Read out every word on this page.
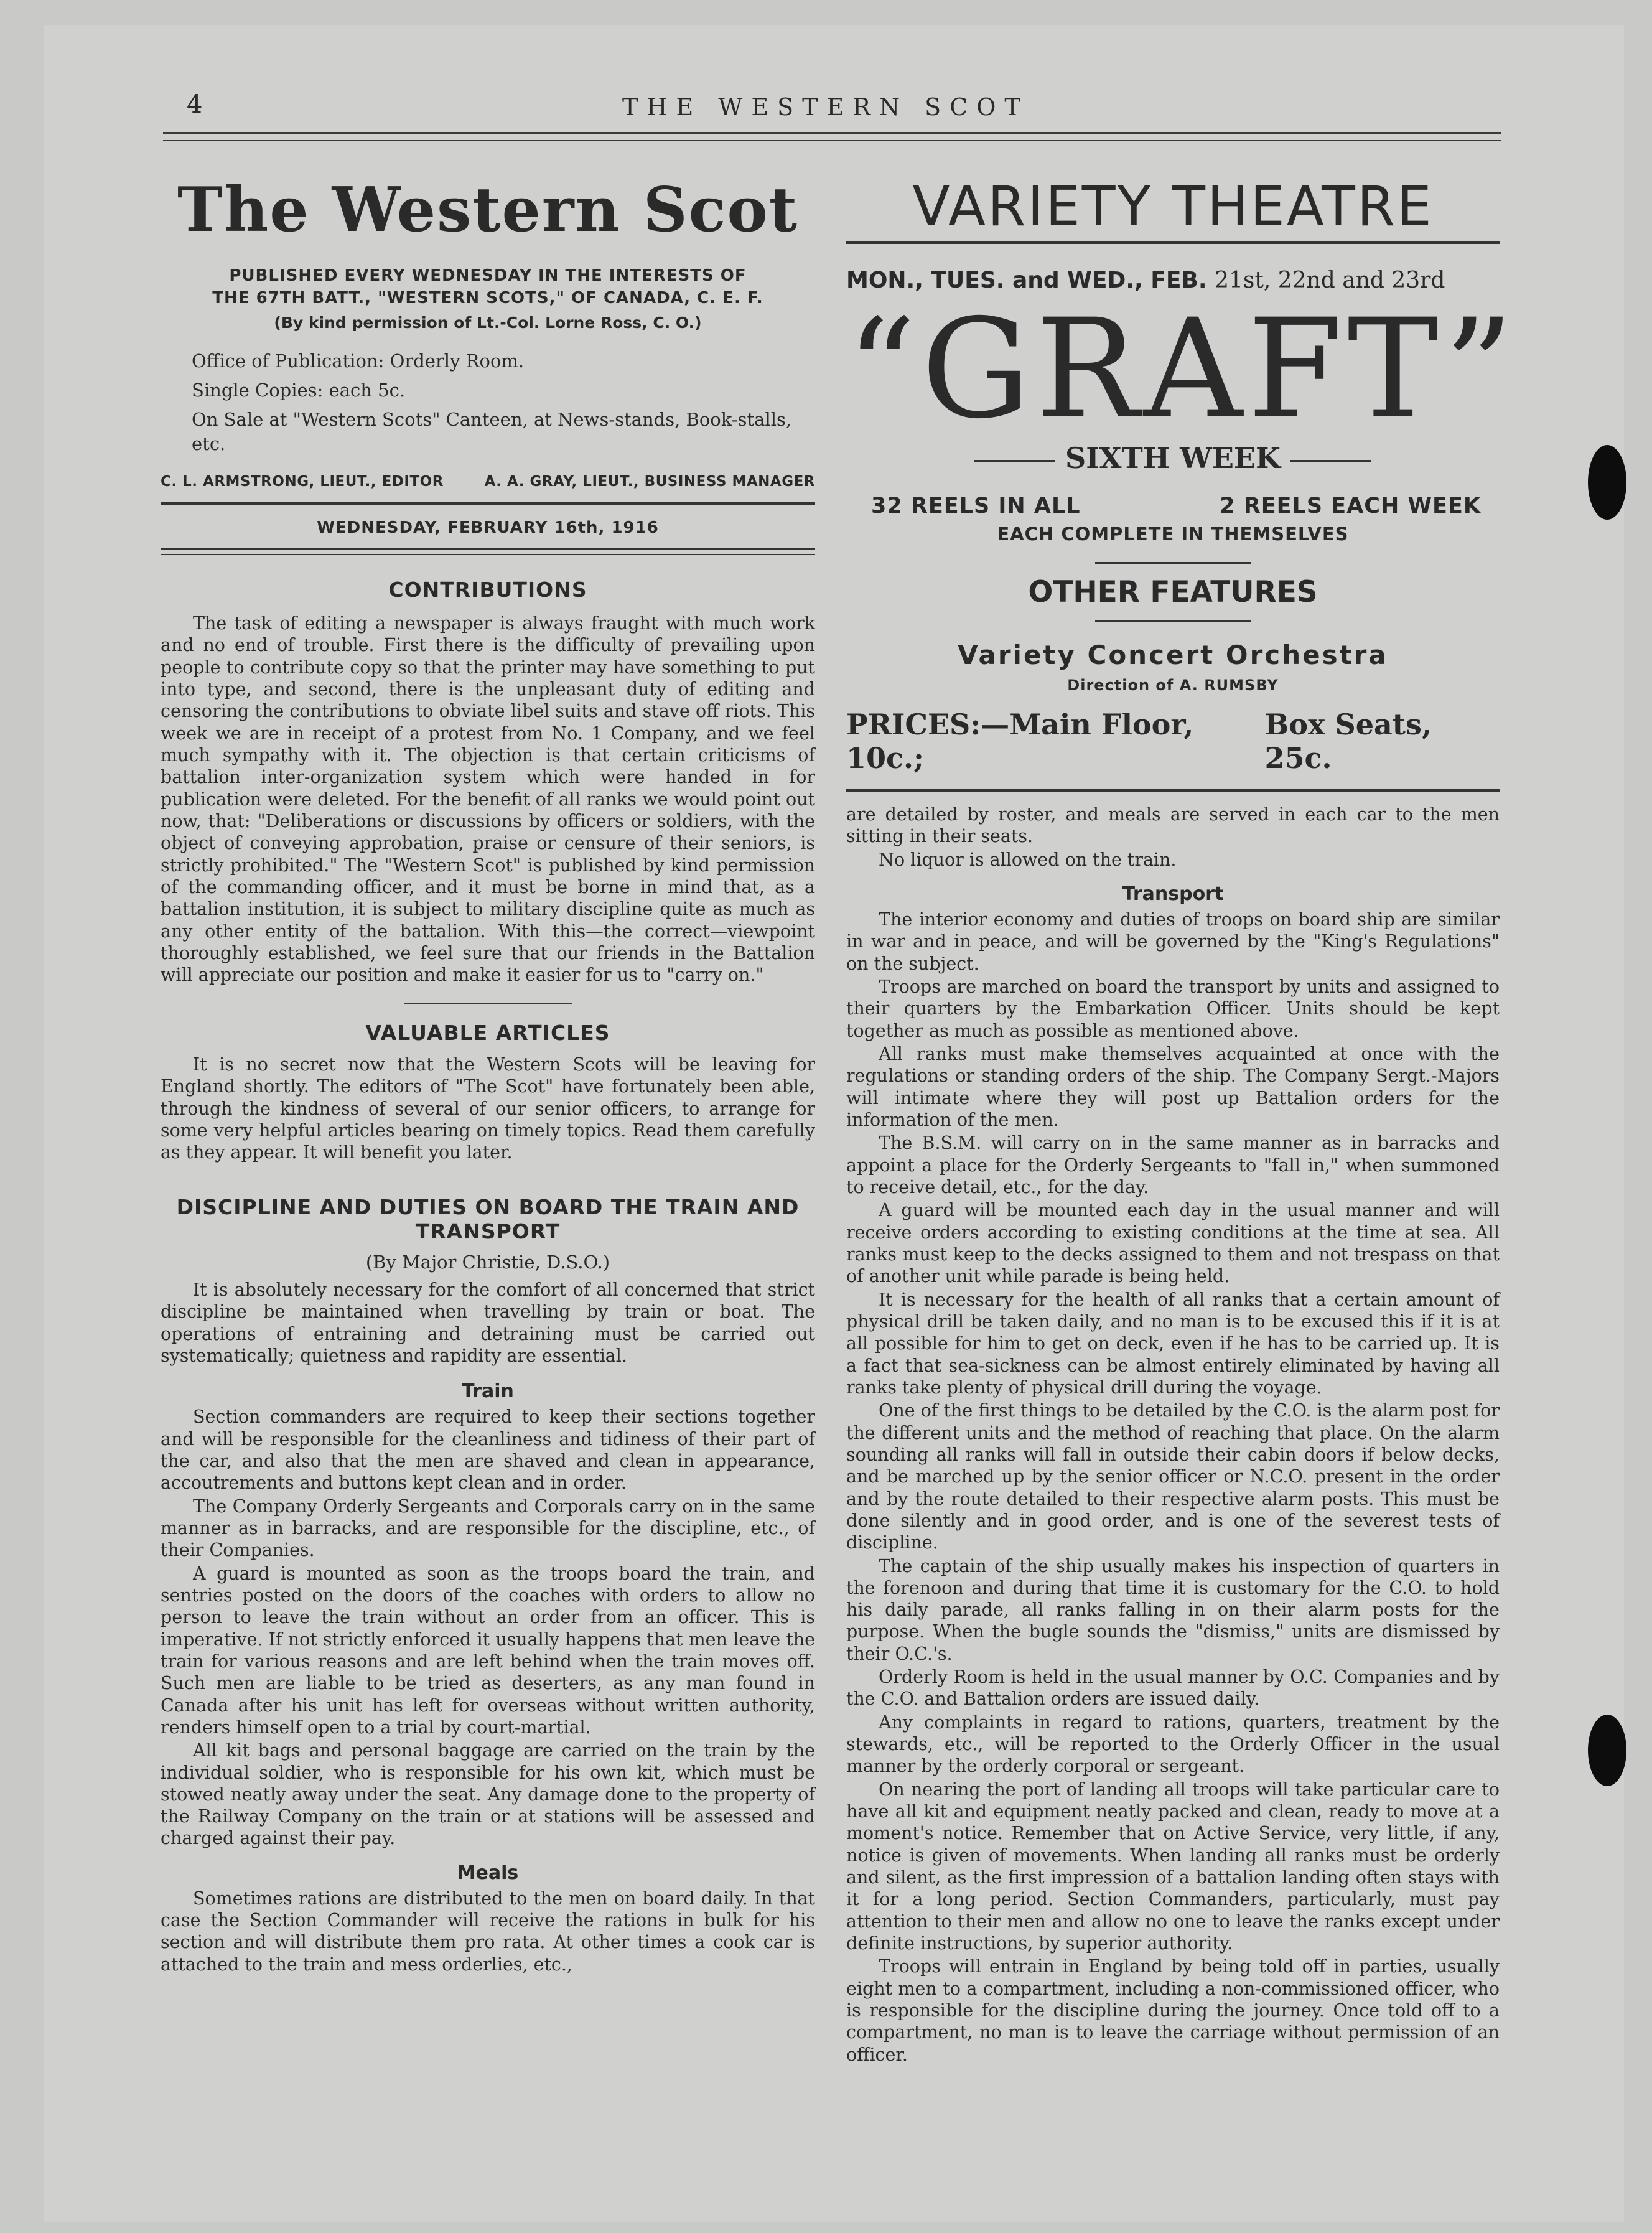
4	THE WESTERN SCOT
The Western Scot
PUBLISHED EVERY WEDNESDAY IN THE INTERESTS OF
THE 67TH BATT., "WESTERN SCOTS," OF CANADA, C. E. F.
(By kind permission of Lt.-Col. Lorne Ross, C. O.)

Office of Publication: Orderly Room.

Single Copies: each 5c.

On Sale at "Western Scots" Canteen, at News-stands, Book-stalls, etc.

C. L. ARMSTRONG, LIEUT., EDITOR	A. A. GRAY, LIEUT., BUSINESS MANAGER
WEDNESDAY, FEBRUARY 16th, 1916
CONTRIBUTIONS

The task of editing a newspaper is always fraught with much work and no end of trouble. First there is the difficulty of prevailing upon people to contribute copy so that the printer may have something to put into type, and second, there is the unpleasant duty of editing and censoring the contributions to obviate libel suits and stave off riots. This week we are in receipt of a protest from No. 1 Company, and we feel much sympathy with it. The objection is that certain criticisms of battalion inter-organization system which were handed in for publication were deleted. For the benefit of all ranks we would point out now, that: "Deliberations or discussions by officers or soldiers, with the object of conveying approbation, praise or censure of their seniors, is strictly prohibited." The "Western Scot" is published by kind permission of the commanding officer, and it must be borne in mind that, as a battalion institution, it is subject to military discipline quite as much as any other entity of the battalion. With this—the correct—viewpoint thoroughly established, we feel sure that our friends in the Battalion will appreciate our position and make it easier for us to "carry on."

VALUABLE ARTICLES

It is no secret now that the Western Scots will be leaving for England shortly. The editors of "The Scot" have fortunately been able, through the kindness of several of our senior officers, to arrange for some very helpful articles bearing on timely topics. Read them carefully as they appear. It will benefit you later.

DISCIPLINE AND DUTIES ON BOARD THE TRAIN AND TRANSPORT
(By Major Christie, D.S.O.)

It is absolutely necessary for the comfort of all concerned that strict discipline be maintained when travelling by train or boat. The operations of entraining and detraining must be carried out systematically; quietness and rapidity are essential.

Train

Section commanders are required to keep their sections together and will be responsible for the cleanliness and tidiness of their part of the car, and also that the men are shaved and clean in appearance, accoutrements and buttons kept clean and in order.

The Company Orderly Sergeants and Corporals carry on in the same manner as in barracks, and are responsible for the discipline, etc., of their Companies.

A guard is mounted as soon as the troops board the train, and sentries posted on the doors of the coaches with orders to allow no person to leave the train without an order from an officer. This is imperative. If not strictly enforced it usually happens that men leave the train for various reasons and are left behind when the train moves off. Such men are liable to be tried as deserters, as any man found in Canada after his unit has left for overseas without written authority, renders himself open to a trial by court-martial.

All kit bags and personal baggage are carried on the train by the individual soldier, who is responsible for his own kit, which must be stowed neatly away under the seat. Any damage done to the property of the Railway Company on the train or at stations will be assessed and charged against their pay.

Meals

Sometimes rations are distributed to the men on board daily. In that case the Section Commander will receive the rations in bulk for his section and will distribute them pro rata. At other times a cook car is attached to the train and mess orderlies, etc.,

VARIETY THEATRE
MON., TUES. and WED., FEB. 21st, 22nd and 23rd
“GRAFT”
SIXTH WEEK
32 REELS IN ALL	2 REELS EACH WEEK
EACH COMPLETE IN THEMSELVES
OTHER FEATURES
Variety Concert Orchestra
Direction of A. RUMSBY
PRICES:—Main Floor, 10c.;
Box Seats, 25c.

are detailed by roster, and meals are served in each car to the men sitting in their seats.

No liquor is allowed on the train.

Transport

The interior economy and duties of troops on board ship are similar in war and in peace, and will be governed by the "King's Regulations" on the subject.

Troops are marched on board the transport by units and assigned to their quarters by the Embarkation Officer. Units should be kept together as much as possible as mentioned above.

All ranks must make themselves acquainted at once with the regulations or standing orders of the ship. The Company Sergt.-Majors will intimate where they will post up Battalion orders for the information of the men.

The B.S.M. will carry on in the same manner as in barracks and appoint a place for the Orderly Sergeants to "fall in," when summoned to receive detail, etc., for the day.

A guard will be mounted each day in the usual manner and will receive orders according to existing conditions at the time at sea. All ranks must keep to the decks assigned to them and not trespass on that of another unit while parade is being held.

It is necessary for the health of all ranks that a certain amount of physical drill be taken daily, and no man is to be excused this if it is at all possible for him to get on deck, even if he has to be carried up. It is a fact that sea-sickness can be almost entirely eliminated by having all ranks take plenty of physical drill during the voyage.

One of the first things to be detailed by the C.O. is the alarm post for the different units and the method of reaching that place. On the alarm sounding all ranks will fall in outside their cabin doors if below decks, and be marched up by the senior officer or N.C.O. present in the order and by the route detailed to their respective alarm posts. This must be done silently and in good order, and is one of the severest tests of discipline.

The captain of the ship usually makes his inspection of quarters in the forenoon and during that time it is customary for the C.O. to hold his daily parade, all ranks falling in on their alarm posts for the purpose. When the bugle sounds the "dismiss," units are dismissed by their O.C.'s.

Orderly Room is held in the usual manner by O.C. Companies and by the C.O. and Battalion orders are issued daily.

Any complaints in regard to rations, quarters, treatment by the stewards, etc., will be reported to the Orderly Officer in the usual manner by the orderly corporal or sergeant.

On nearing the port of landing all troops will take particular care to have all kit and equipment neatly packed and clean, ready to move at a moment's notice. Remember that on Active Service, very little, if any, notice is given of movements. When landing all ranks must be orderly and silent, as the first impression of a battalion landing often stays with it for a long period. Section Commanders, particularly, must pay attention to their men and allow no one to leave the ranks except under definite instructions, by superior authority.

Troops will entrain in England by being told off in parties, usually eight men to a compartment, including a non-commissioned officer, who is responsible for the discipline during the journey. Once told off to a compartment, no man is to leave the carriage without permission of an officer.
